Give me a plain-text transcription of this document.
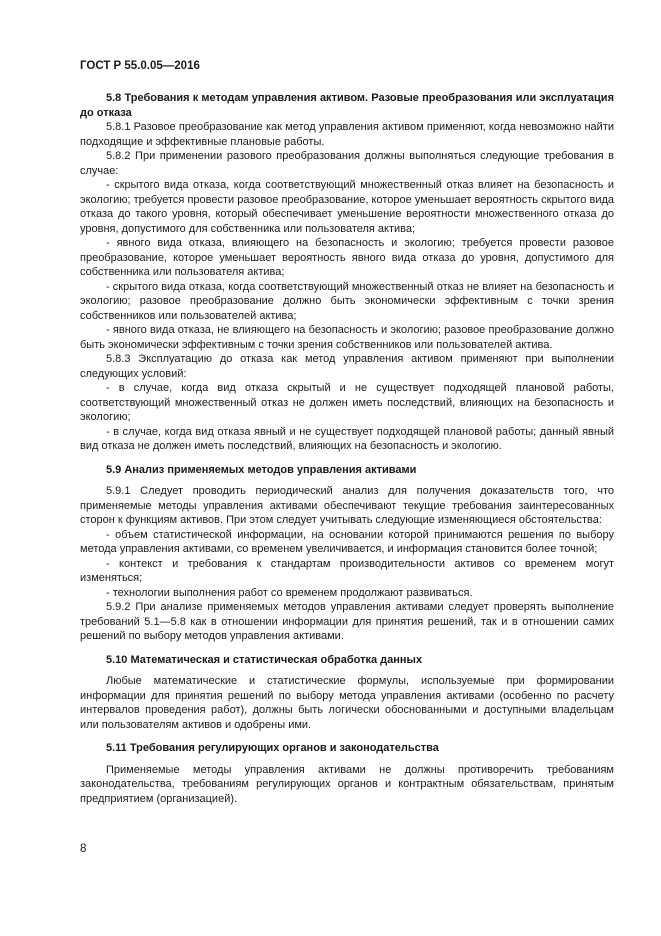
ГОСТ Р 55.0.05—2016

5.8 Требования к методам управления активом. Разовые преобразования или эксплуатация до отказа

5.8.1 Разовое преобразование как метод управления активом применяют, когда невозможно найти подходящие и эффективные плановые работы.

5.8.2 При применении разового преобразования должны выполняться следующие требования в случае:

- скрытого вида отказа, когда соответствующий множественный отказ влияет на безопасность и экологию; требуется провести разовое преобразование, которое уменьшает вероятность скрытого вида отказа до такого уровня, который обеспечивает уменьшение вероятности множественного отказа до уровня, допустимого для собственника или пользователя актива;

- явного вида отказа, влияющего на безопасность и экологию; требуется провести разовое преобразование, которое уменьшает вероятность явного вида отказа до уровня, допустимого для собственника или пользователя актива;

- скрытого вида отказа, когда соответствующий множественный отказ не влияет на безопасность и экологию; разовое преобразование должно быть экономически эффективным с точки зрения собственников или пользователей актива;

- явного вида отказа, не влияющего на безопасность и экологию; разовое преобразование должно быть экономически эффективным с точки зрения собственников или пользователей актива.

5.8.3 Эксплуатацию до отказа как метод управления активом применяют при выполнении следующих условий:

- в случае, когда вид отказа скрытый и не существует подходящей плановой работы, соответствующий множественный отказ не должен иметь последствий, влияющих на безопасность и экологию;

- в случае, когда вид отказа явный и не существует подходящей плановой работы; данный явный вид отказа не должен иметь последствий, влияющих на безопасность и экологию.

5.9 Анализ применяемых методов управления активами

5.9.1 Следует проводить периодический анализ для получения доказательств того, что применяемые методы управления активами обеспечивают текущие требования заинтересованных сторон к функциям активов. При этом следует учитывать следующие изменяющиеся обстоятельства:

- объем статистической информации, на основании которой принимаются решения по выбору метода управления активами, со временем увеличивается, и информация становится более точной;

- контекст и требования к стандартам производительности активов со временем могут изменяться;

- технологии выполнения работ со временем продолжают развиваться.

5.9.2 При анализе применяемых методов управления активами следует проверять выполнение требований 5.1—5.8 как в отношении информации для принятия решений, так и в отношении самих решений по выбору методов управления активами.

5.10 Математическая и статистическая обработка данных

Любые математические и статистические формулы, используемые при формировании информации для принятия решений по выбору метода управления активами (особенно по расчету интервалов проведения работ), должны быть логически обоснованными и доступными владельцам или пользователям активов и одобрены ими.

5.11 Требования регулирующих органов и законодательства

Применяемые методы управления активами не должны противоречить требованиям законодательства, требованиям регулирующих органов и контрактным обязательствам, принятым предприятием (организацией).

8
